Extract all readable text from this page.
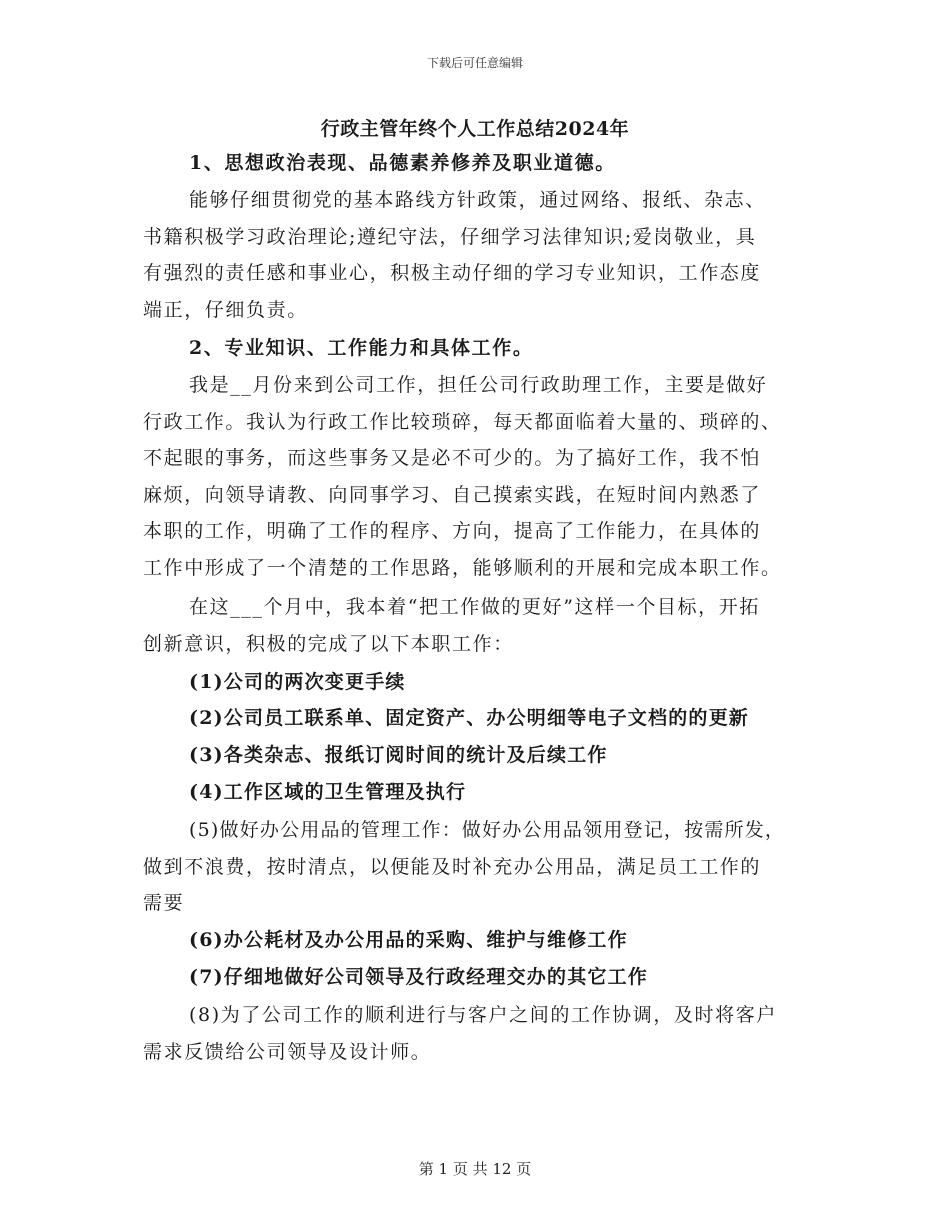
下载后可任意编辑
行政主管年终个人工作总结2024年
1、思想政治表现、品德素养修养及职业道德。
能够仔细贯彻党的基本路线方针政策，通过网络、报纸、杂志、
书籍积极学习政治理论;遵纪守法，仔细学习法律知识;爱岗敬业，具
有强烈的责任感和事业心，积极主动仔细的学习专业知识，工作态度
端正，仔细负责。
2、专业知识、工作能力和具体工作。
我是__月份来到公司工作，担任公司行政助理工作，主要是做好
行政工作。我认为行政工作比较琐碎，每天都面临着大量的、琐碎的、
不起眼的事务，而这些事务又是必不可少的。为了搞好工作，我不怕
麻烦，向领导请教、向同事学习、自己摸索实践，在短时间内熟悉了
本职的工作，明确了工作的程序、方向，提高了工作能力，在具体的
工作中形成了一个清楚的工作思路，能够顺利的开展和完成本职工作。
在这___个月中，我本着“把工作做的更好”这样一个目标，开拓
创新意识，积极的完成了以下本职工作：
(1)公司的两次变更手续
(2)公司员工联系单、固定资产、办公明细等电子文档的的更新
(3)各类杂志、报纸订阅时间的统计及后续工作
(4)工作区域的卫生管理及执行
(5)做好办公用品的管理工作：做好办公用品领用登记，按需所发，
做到不浪费，按时清点，以便能及时补充办公用品，满足员工工作的
需要
(6)办公耗材及办公用品的采购、维护与维修工作
(7)仔细地做好公司领导及行政经理交办的其它工作
(8)为了公司工作的顺利进行与客户之间的工作协调，及时将客户
需求反馈给公司领导及设计师。
第 1 页 共 12 页
